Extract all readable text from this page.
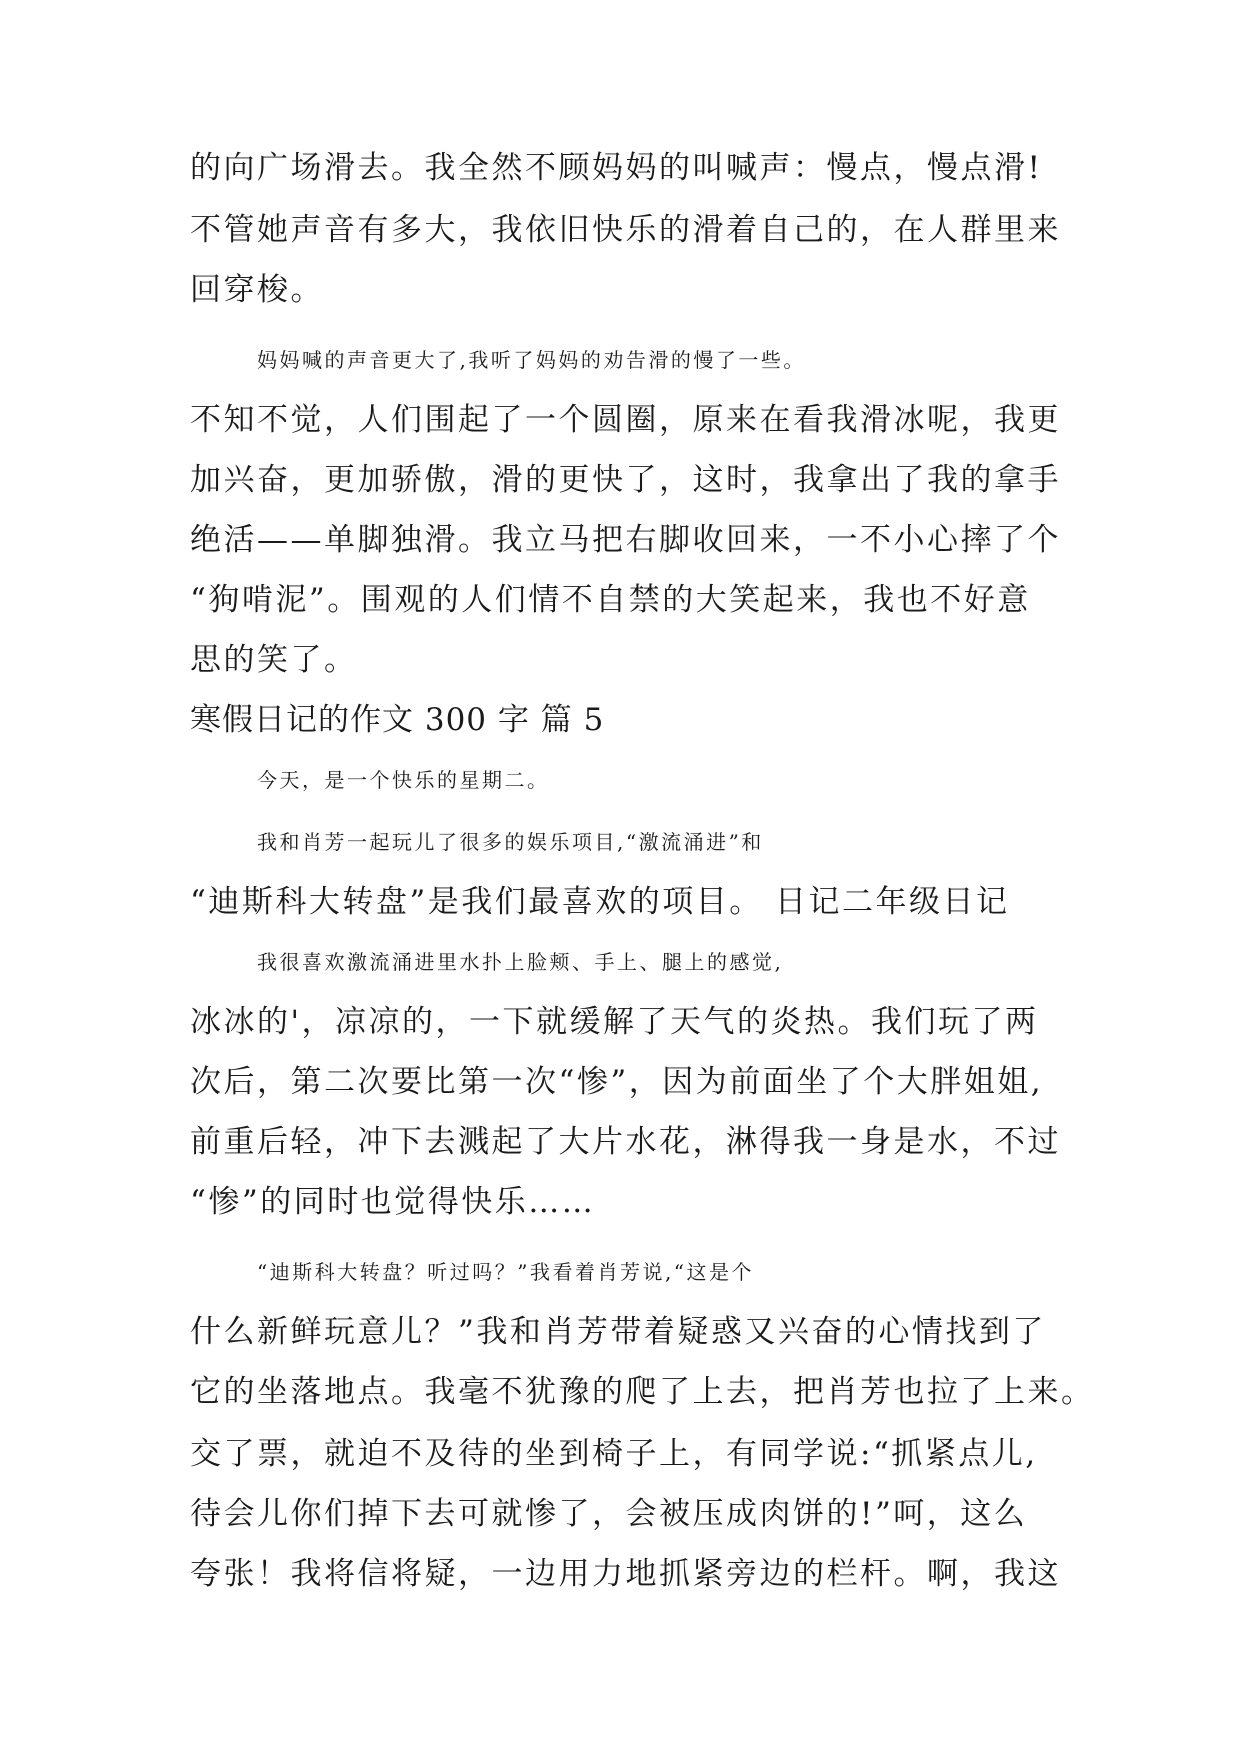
的向广场滑去。我全然不顾妈妈的叫喊声：慢点，慢点滑!
不管她声音有多大，我依旧快乐的滑着自己的，在人群里来
回穿梭。
妈妈喊的声音更大了,我听了妈妈的劝告滑的慢了一些。
不知不觉，人们围起了一个圆圈，原来在看我滑冰呢，我更
加兴奋，更加骄傲，滑的更快了，这时，我拿出了我的拿手
绝活——单脚独滑。我立马把右脚收回来，一不小心摔了个
“狗啃泥”。围观的人们情不自禁的大笑起来，我也不好意
思的笑了。
寒假日记的作文 300 字 篇 5
今天，是一个快乐的星期二。
我和肖芳一起玩儿了很多的娱乐项目,“激流涌进”和
“迪斯科大转盘”是我们最喜欢的项目。 日记二年级日记
我很喜欢激流涌进里水扑上脸颊、手上、腿上的感觉,
冰冰的'，凉凉的，一下就缓解了天气的炎热。我们玩了两
次后，第二次要比第一次“惨”，因为前面坐了个大胖姐姐,
前重后轻，冲下去溅起了大片水花，淋得我一身是水，不过
“惨”的同时也觉得快乐……
“迪斯科大转盘？听过吗？”我看着肖芳说,“这是个
什么新鲜玩意儿？”我和肖芳带着疑惑又兴奋的心情找到了
它的坐落地点。我毫不犹豫的爬了上去，把肖芳也拉了上来。
交了票，就迫不及待的坐到椅子上，有同学说:“抓紧点儿,
待会儿你们掉下去可就惨了，会被压成肉饼的!”呵，这么
夸张！我将信将疑，一边用力地抓紧旁边的栏杆。啊，我这
